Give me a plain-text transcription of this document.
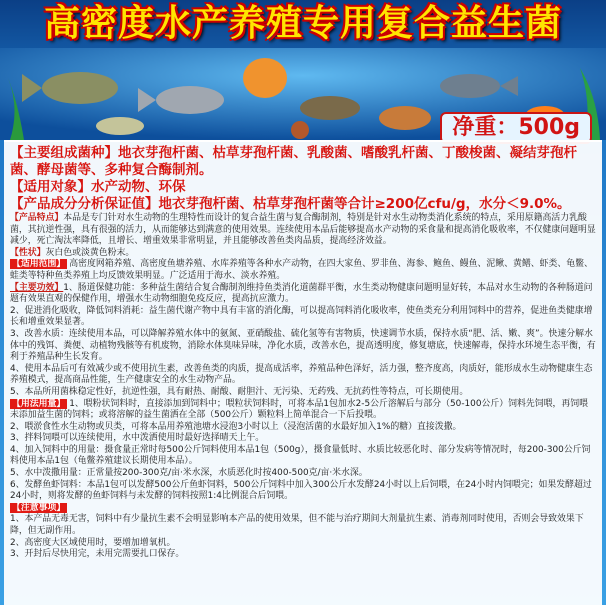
高密度水产养殖专用复合益生菌
净重：500g

【主要组成菌种】地衣芽孢杆菌、枯草芽孢杆菌、乳酸菌、嗜酸乳杆菌、丁酸梭菌、凝结芽孢杆菌、酵母菌等、多种复合酶制剂。

【适用对象】水产动物、环保

【产品成分分析保证值】地衣芽孢杆菌、枯草芽孢杆菌等合计≥200亿cfu/g，水分＜9.0%。

【产品特点】本品是专门针对水生动物的生理特性而设计的复合益生菌与复合酶制剂，特别是针对水生动物类消化系统的特点，采用原籍高活力乳酸菌，其抗逆性强，具有很强的活力，从而能够达到满意的使用效果。连续使用本品后能够提高水产动物的采食量和提高消化吸收率，不仅健康问题明显减少，死亡淘汰率降低，且增长、增重效果非常明显，并且能够改善鱼类肉品质，提高经济效益。

【性状】灰白色或淡黄色粉末。

【适用范围】 高密度网箱养殖、高密度鱼塘养殖、水库养殖等各种水产动物，在四大家鱼、罗非鱼、海参、鲍鱼、鳗鱼、泥鳅、黄鳝、虾类、龟鳖、蛙类等特种鱼类养殖上均反馈效果明显。广泛适用于海水、淡水养殖。

【主要功效】1、肠道保健功能：多种益生菌结合复合酶制剂维持鱼类消化道菌群平衡，水生类动物健康问题明显好转，本品对水生动物的各种肠道问题有效果直观的保健作用，增强水生动物细胞免疫反应，提高抗应激力。

2、促进消化吸收，降低饲料消耗：益生菌代谢产物中具有丰富的消化酶，可以提高饲料消化吸收率，使鱼类充分利用饲料中的营养，促进鱼类健康增长和增重效果显著。

3、改善水质：连续使用本品，可以降解养殖水体中的氨氮、亚硝酸盐、硫化氢等有害物质，快速调节水质，保持水质“肥、活、嫩、爽”。快速分解水体中的残饵、粪便、动植物残骸等有机废物，消除水体臭味异味，净化水质，改善水色，提高透明度，修复塘底，快速解毒，保持水环境生态平衡，有利于养殖品种生长发育。

4、使用本品后可有效减少或不使用抗生素，改善鱼类的肉质，提高成活率，养殖品种色泽好，活力强，整齐度高，肉质好，能形成水生动物健康生态养殖模式，提高商品性能，生产健康安全的水生动物产品。

5、本品所用菌株稳定性好，抗逆性强，具有耐热、耐酸、耐胆汁、无污染、无药残、无抗药性等特点，可长期使用。

【用法用量】 1、喂粉状饲料时，直接添加到饲料中；喂粒状饲料时，可将本品1包加水2-5公斤溶解后与部分（50-100公斤）饲料先饲喂，再饲喂未添加益生菌的饲料；或将溶解的益生菌洒在全部（500公斤）颗粒料上简单混合一下后投喂。

2、喂淤食性水生动物或贝类，可将本品用养殖池塘水浸泡3小时以上（浸泡活菌的水最好加入1%的糖）直接泼撒。

3、拌料饲喂可以连续使用，水中泼洒使用时最好选择晴天上午。

4、加入饲料中的用量：摄食量正常时每500公斤饲料使用本品1包（500g），摄食量低时、水质比较恶化时、部分发病等情况时，每200-300公斤饲料使用本品1包（龟鳖养殖建议长期使用本品）。

5、水中泼撒用量：正常量按200-300克/亩·米水深，水质恶化时按400-500克/亩·米水深。

6、发酵鱼虾饲料：本品1包可以发酵500公斤鱼虾饲料，500公斤饲料中加入300公斤水发酵24小时以上后饲喂，在24小时内饲喂完；如果发酵超过24小时，则将发酵的鱼虾饲料与未发酵的饲料按照1:4比例混合后饲喂。

【注意事项】

1、本产品无毒无害，饲料中有少量抗生素不会明显影响本产品的使用效果，但不能与治疗期间大剂量抗生素、消毒剂同时使用，否则会导致效果下降，但无副作用。

2、高密度大区域使用时，要增加增氧机。

3、开封后尽快用完，未用完需要扎口保存。
